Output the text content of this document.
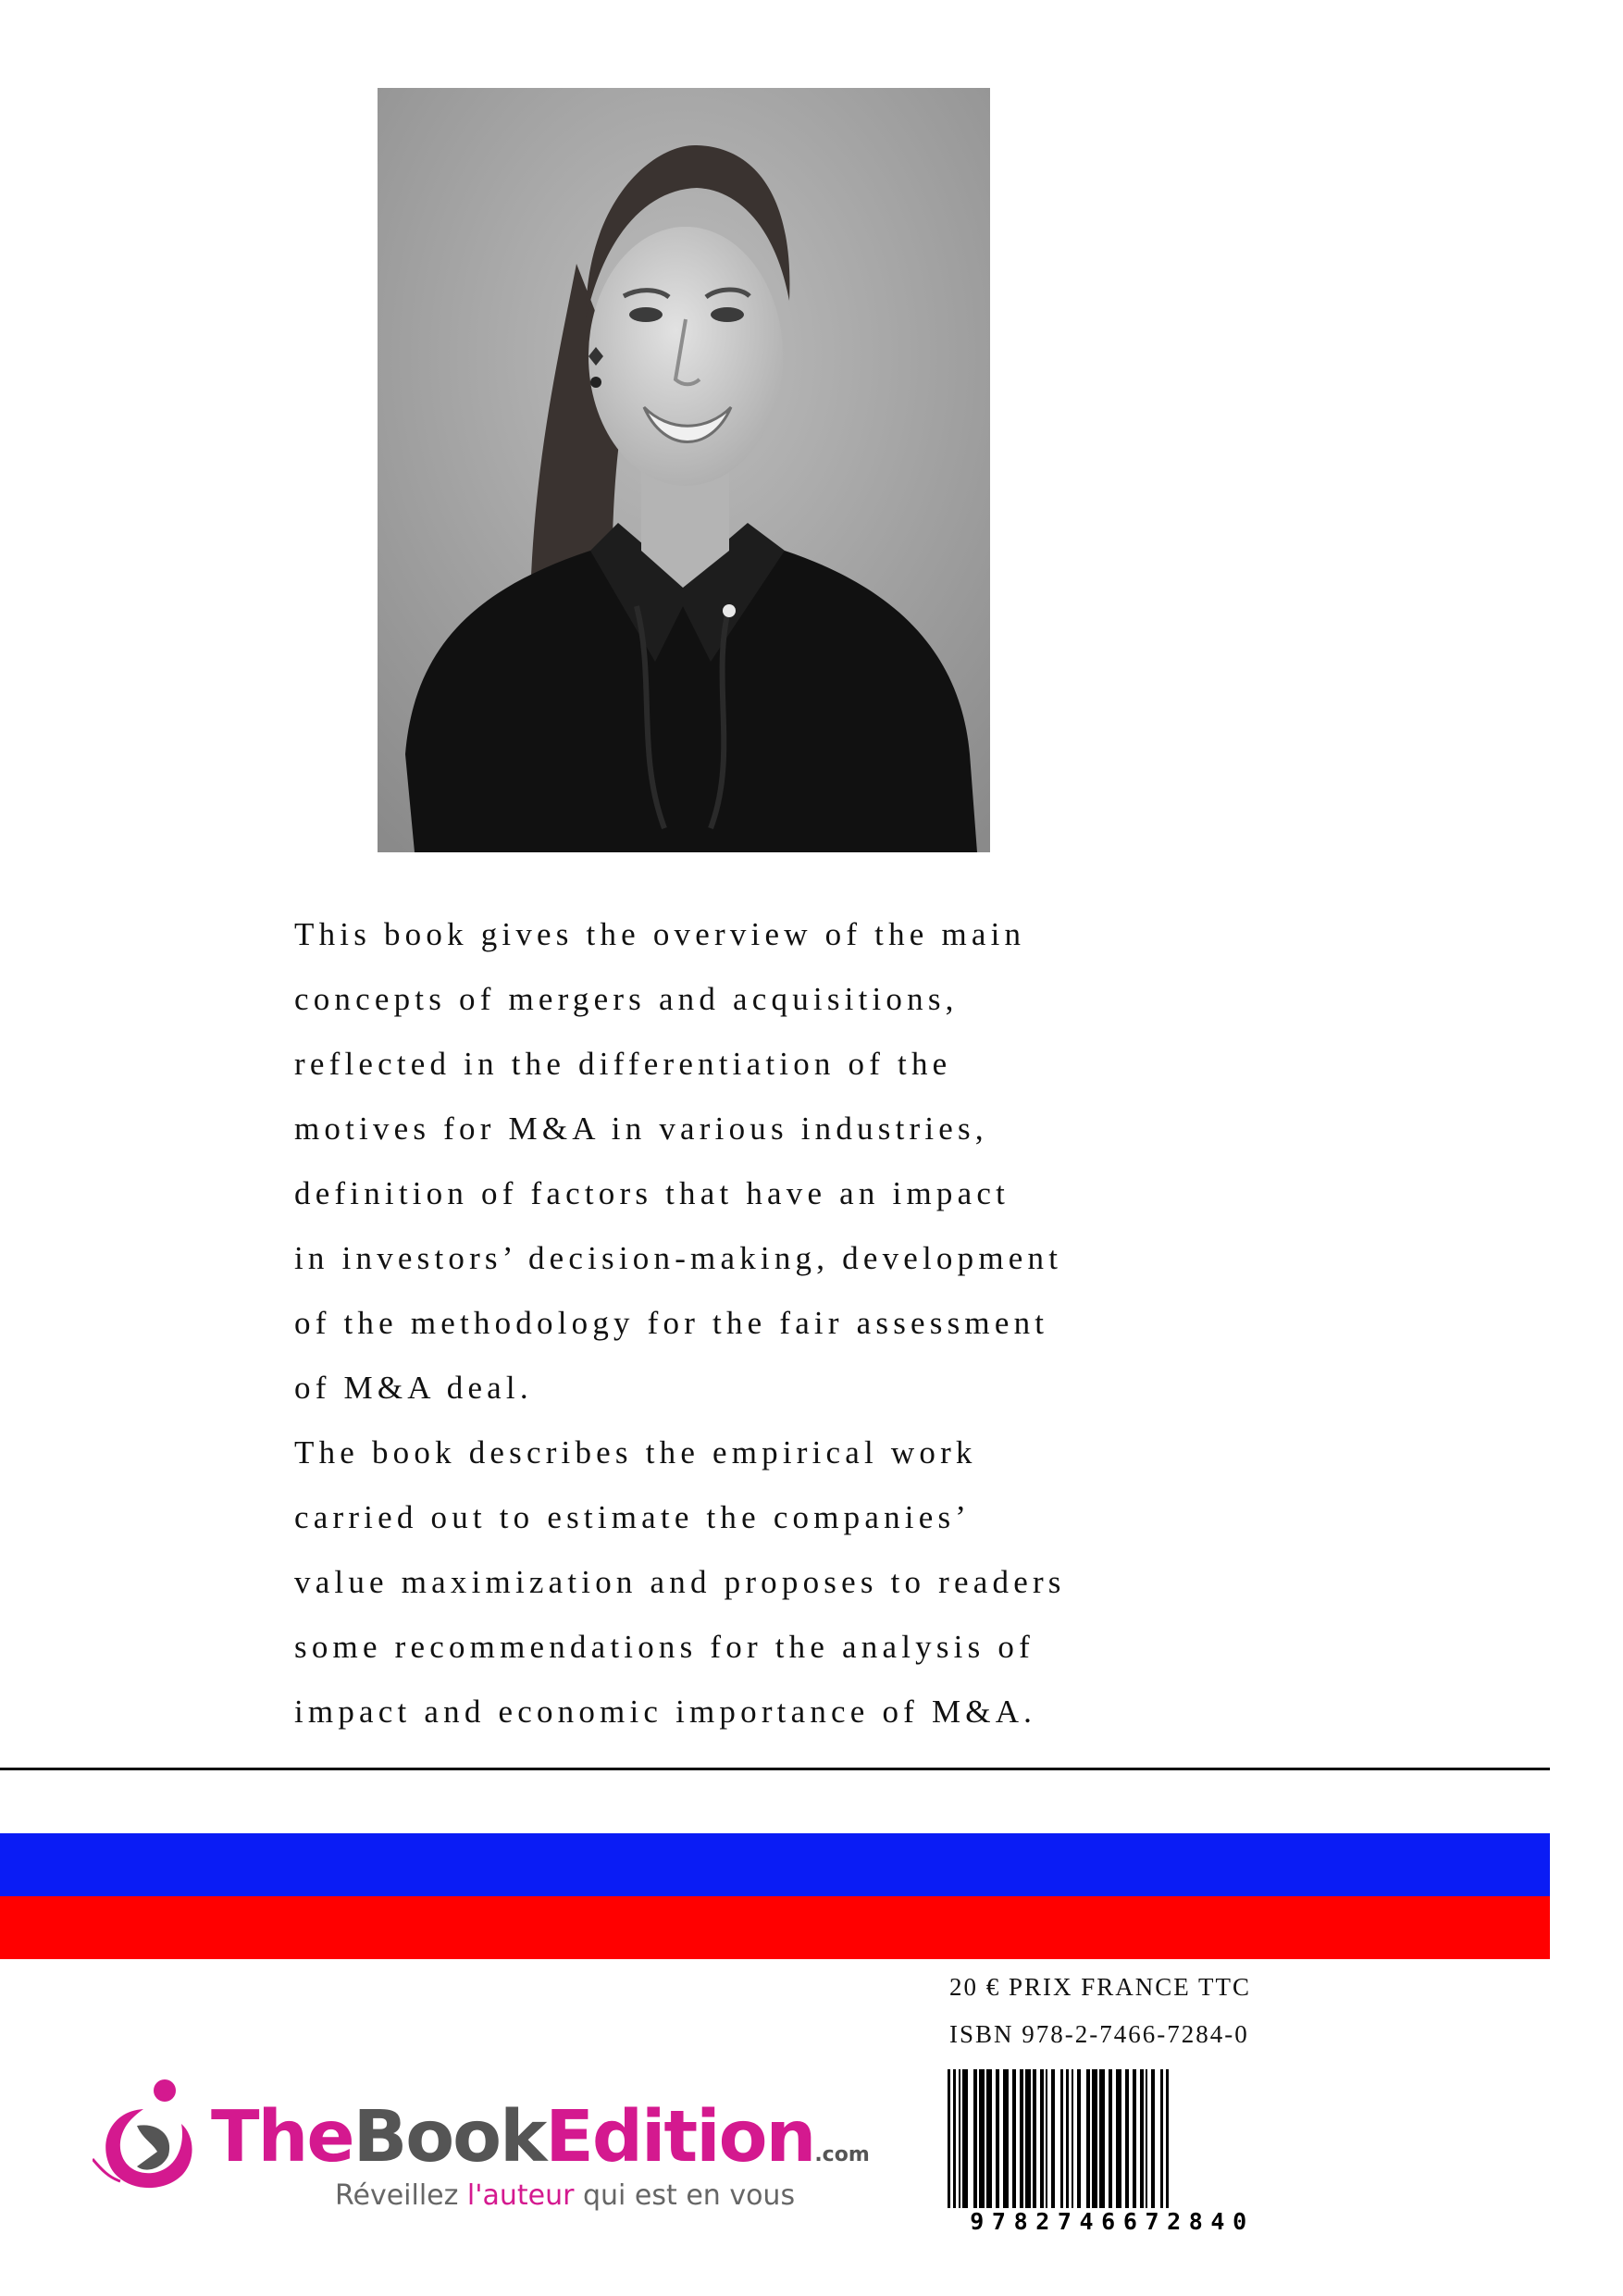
This book gives the overview of the main

concepts of mergers and acquisitions,

reflected in the differentiation of the

motives for M&A in various industries,

definition of factors that have an impact

in investors’ decision-making, development

of the methodology for the fair assessment

of M&A deal.

The book describes the empirical work

carried out to estimate the companies’

value maximization and proposes to readers

some recommendations for the analysis of

impact and economic importance of M&A.

20 € PRIX FRANCE TTC
ISBN 978-2-7466-7284-0
9782746672840
TheBookEdition.com
Réveillez l'auteur qui est en vous
